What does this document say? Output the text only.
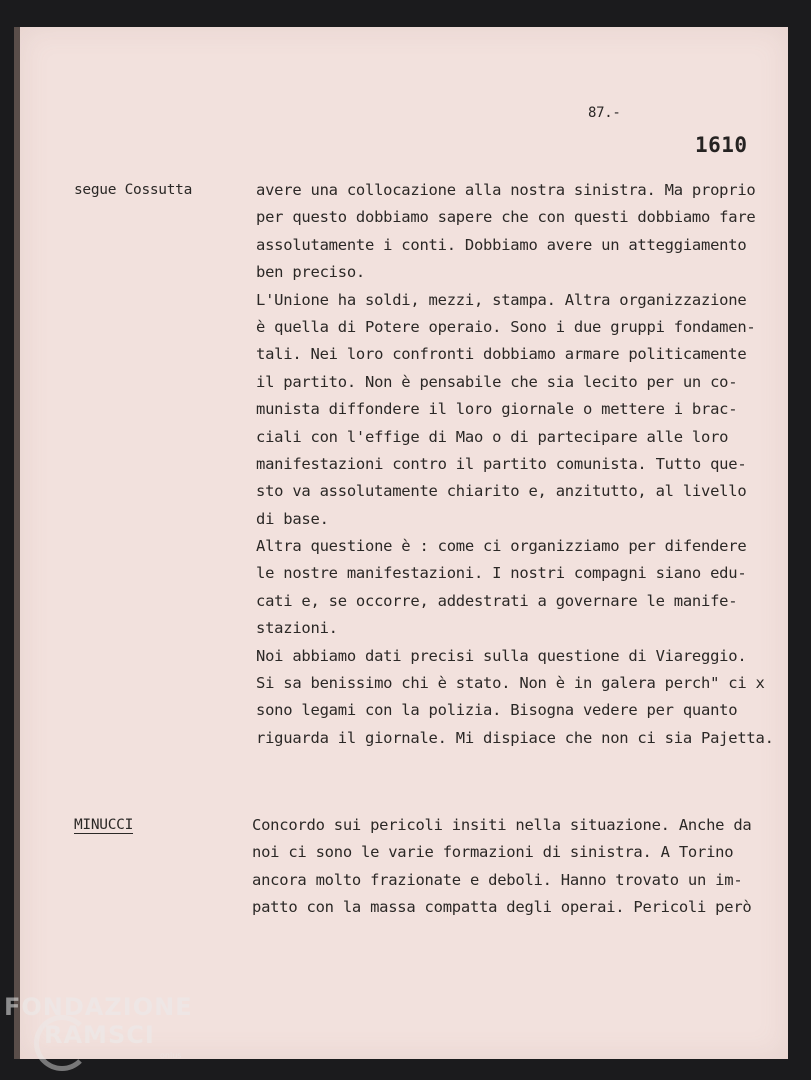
87.-
1610
segue Cossutta	avere una collocazione alla nostra sinistra. Ma proprio
per questo dobbiamo sapere che con questi dobbiamo fare
assolutamente i conti. Dobbiamo avere un atteggiamento
ben preciso.
L'Unione ha soldi, mezzi, stampa. Altra organizzazione
è quella di Potere operaio. Sono i due gruppi fondamen-
tali. Nei loro confronti dobbiamo armare politicamente
il partito. Non è pensabile che sia lecito per un co-
munista diffondere il loro giornale o mettere i brac-
ciali con l'effige di Mao o di partecipare alle loro
manifestazioni contro il partito comunista. Tutto que-
sto va assolutamente chiarito e, anzitutto, al livello
di base.
Altra questione è : come ci organizziamo per difendere
le nostre manifestazioni. I nostri compagni siano edu-
cati e, se occorre, addestrati a governare le manife-
stazioni.
Noi abbiamo dati precisi sulla questione di Viareggio.
Si sa benissimo chi è stato. Non è in galera perch" ci x
sono legami con la polizia. Bisogna vedere per quanto
riguarda il giornale. Mi dispiace che non ci sia Pajetta.
MINUCCI	Concordo sui pericoli insiti nella situazione. Anche da
noi ci sono le varie formazioni di sinistra. A Torino
ancora molto frazionate e deboli. Hanno trovato un im-
patto con la massa compatta degli operai. Pericoli però
FONDAZIONE
RAMSCI
onlus
